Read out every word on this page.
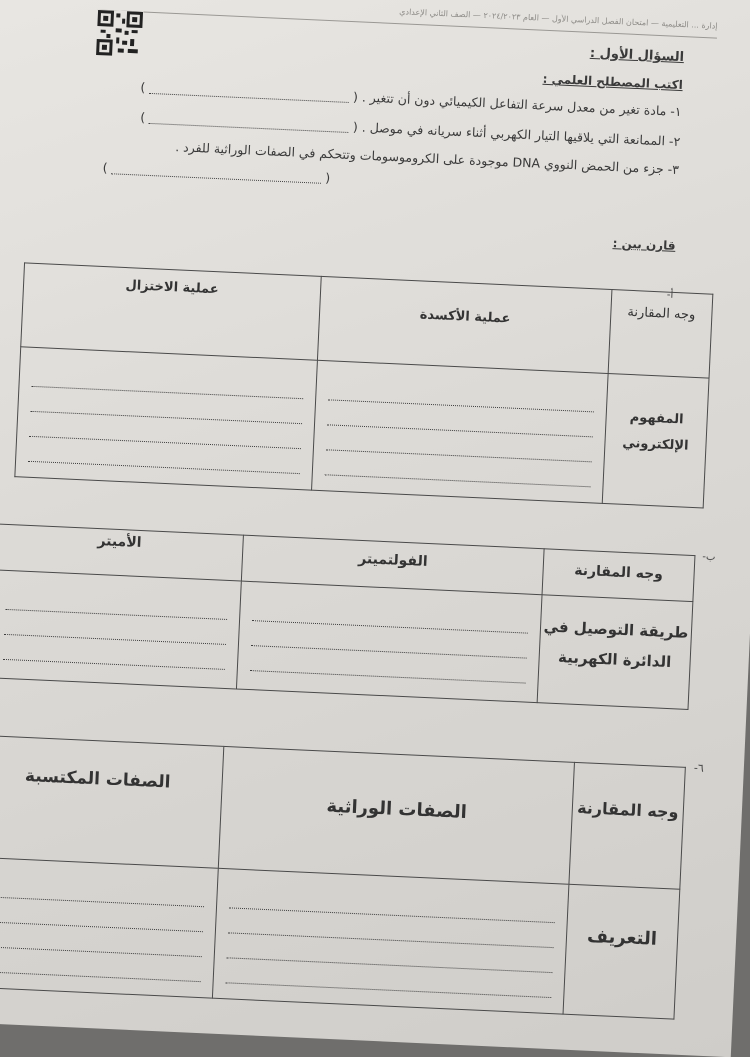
إدارة ... التعليمية — امتحان الفصل الدراسي الأول — العام ٢٠٢٤/٢٠٢٣ — الصف الثاني الإعدادي
السؤال الأول :
اكتب المصطلح العلمي :
١- مادة تغير من معدل سرعة التفاعل الكيميائي دون أن تتغير . (  )
٢- الممانعة التي يلاقيها التيار الكهربي أثناء سريانه في موصل . (  )
٣- جزء من الحمض النووي DNA موجودة على الكروموسومات وتتحكم في الصفات الوراثية للفرد .
(  )
قارن بين :
أ-
وجه المقارنة	عملية الأكسدة	عملية الاختزال
المفهوم الإلكتروني	

ب-
وجه المقارنة	الفولتميتر	الأميتر
طريقة التوصيل في الدائرة الكهربية	

٦-
وجه المقارنة	الصفات الوراثية	الصفات المكتسبة
التعريف	
